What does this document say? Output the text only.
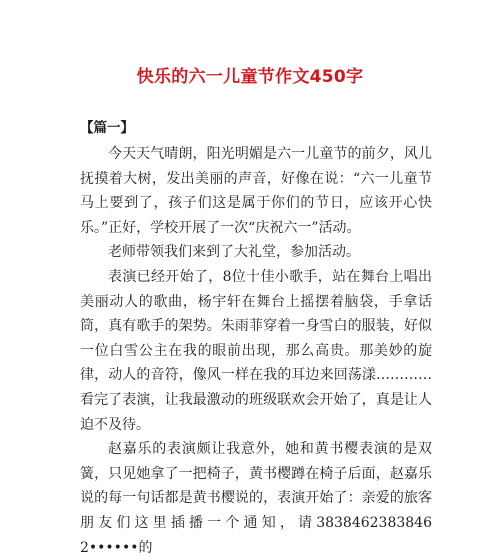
快乐的六一儿童节作文450字
【篇一】

今天天气晴朗，阳光明媚是六一儿童节的前夕，风儿抚摸着大树，发出美丽的声音，好像在说：“六一儿童节马上要到了，孩子们这是属于你们的节日，应该开心快乐。”正好，学校开展了一次“庆祝六一”活动。

老师带领我们来到了大礼堂，参加活动。

表演已经开始了，8位十佳小歌手，站在舞台上唱出美丽动人的歌曲，杨宇轩在舞台上摇摆着脑袋，手拿话筒，真有歌手的架势。朱雨菲穿着一身雪白的服装，好似一位白雪公主在我的眼前出现，那么高贵。那美妙的旋律，动人的音符，像风一样在我的耳边来回荡漾…………看完了表演，让我最激动的班级联欢会开始了，真是让人迫不及待。

赵嘉乐的表演颇让我意外，她和黄书樱表演的是双簧，只见她拿了一把椅子，黄书樱蹲在椅子后面，赵嘉乐说的每一句话都是黄书樱说的，表演开始了：亲爱的旅客朋友们这里插播一个通知，请3838462383846 2••••••的
